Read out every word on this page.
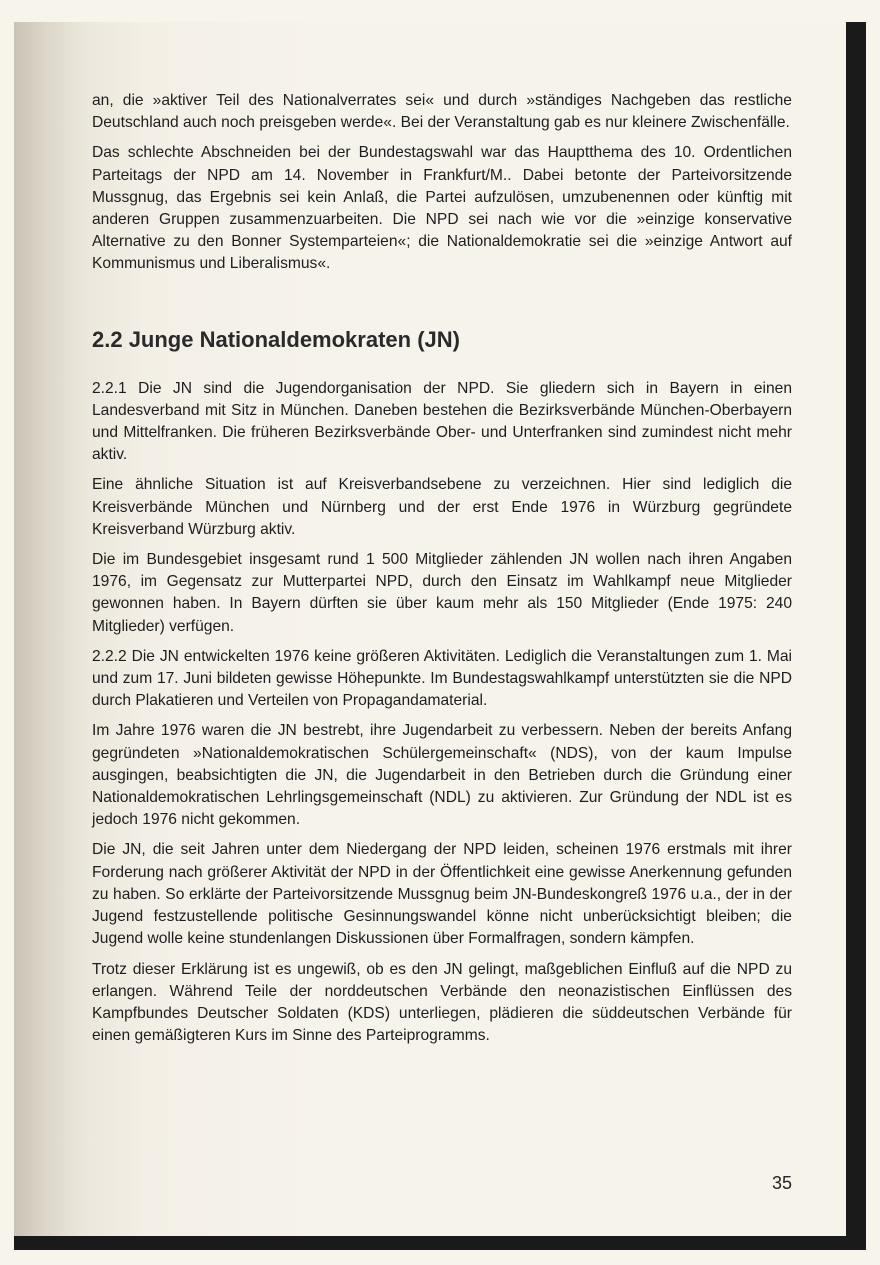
an, die »aktiver Teil des Nationalverrates sei« und durch »ständiges Nachgeben das restliche Deutschland auch noch preisgeben werde«. Bei der Veranstaltung gab es nur kleinere Zwischenfälle.

Das schlechte Abschneiden bei der Bundestagswahl war das Hauptthema des 10. Ordentlichen Parteitags der NPD am 14. November in Frankfurt/M.. Dabei betonte der Parteivorsitzende Mussgnug, das Ergebnis sei kein Anlaß, die Partei aufzulösen, umzubenennen oder künftig mit anderen Gruppen zusammenzuarbeiten. Die NPD sei nach wie vor die »einzige konservative Alternative zu den Bonner Systemparteien«; die Nationaldemokratie sei die »einzige Antwort auf Kommunismus und Liberalismus«.

2.2 Junge Nationaldemokraten (JN)

2.2.1 Die JN sind die Jugendorganisation der NPD. Sie gliedern sich in Bayern in einen Landesverband mit Sitz in München. Daneben bestehen die Bezirksverbände München-Oberbayern und Mittelfranken. Die früheren Bezirksverbände Ober- und Unterfranken sind zumindest nicht mehr aktiv.

Eine ähnliche Situation ist auf Kreisverbandsebene zu verzeichnen. Hier sind lediglich die Kreisverbände München und Nürnberg und der erst Ende 1976 in Würzburg gegründete Kreisverband Würzburg aktiv.

Die im Bundesgebiet insgesamt rund 1 500 Mitglieder zählenden JN wollen nach ihren Angaben 1976, im Gegensatz zur Mutterpartei NPD, durch den Einsatz im Wahlkampf neue Mitglieder gewonnen haben. In Bayern dürften sie über kaum mehr als 150 Mitglieder (Ende 1975: 240 Mitglieder) verfügen.

2.2.2 Die JN entwickelten 1976 keine größeren Aktivitäten. Lediglich die Veranstaltungen zum 1. Mai und zum 17. Juni bildeten gewisse Höhepunkte. Im Bundestagswahlkampf unterstützten sie die NPD durch Plakatieren und Verteilen von Propagandamaterial.

Im Jahre 1976 waren die JN bestrebt, ihre Jugendarbeit zu verbessern. Neben der bereits Anfang gegründeten »Nationaldemokratischen Schülergemeinschaft« (NDS), von der kaum Impulse ausgingen, beabsichtigten die JN, die Jugendarbeit in den Betrieben durch die Gründung einer Nationaldemokratischen Lehrlingsgemeinschaft (NDL) zu aktivieren. Zur Gründung der NDL ist es jedoch 1976 nicht gekommen.

Die JN, die seit Jahren unter dem Niedergang der NPD leiden, scheinen 1976 erstmals mit ihrer Forderung nach größerer Aktivität der NPD in der Öffentlichkeit eine gewisse Anerkennung gefunden zu haben. So erklärte der Parteivorsitzende Mussgnug beim JN-Bundeskongreß 1976 u.a., der in der Jugend festzustellende politische Gesinnungswandel könne nicht unberücksichtigt bleiben; die Jugend wolle keine stundenlangen Diskussionen über Formalfragen, sondern kämpfen.

Trotz dieser Erklärung ist es ungewiß, ob es den JN gelingt, maßgeblichen Einfluß auf die NPD zu erlangen. Während Teile der norddeutschen Verbände den neonazistischen Einflüssen des Kampfbundes Deutscher Soldaten (KDS) unterliegen, plädieren die süddeutschen Verbände für einen gemäßigteren Kurs im Sinne des Parteiprogramms.

35
